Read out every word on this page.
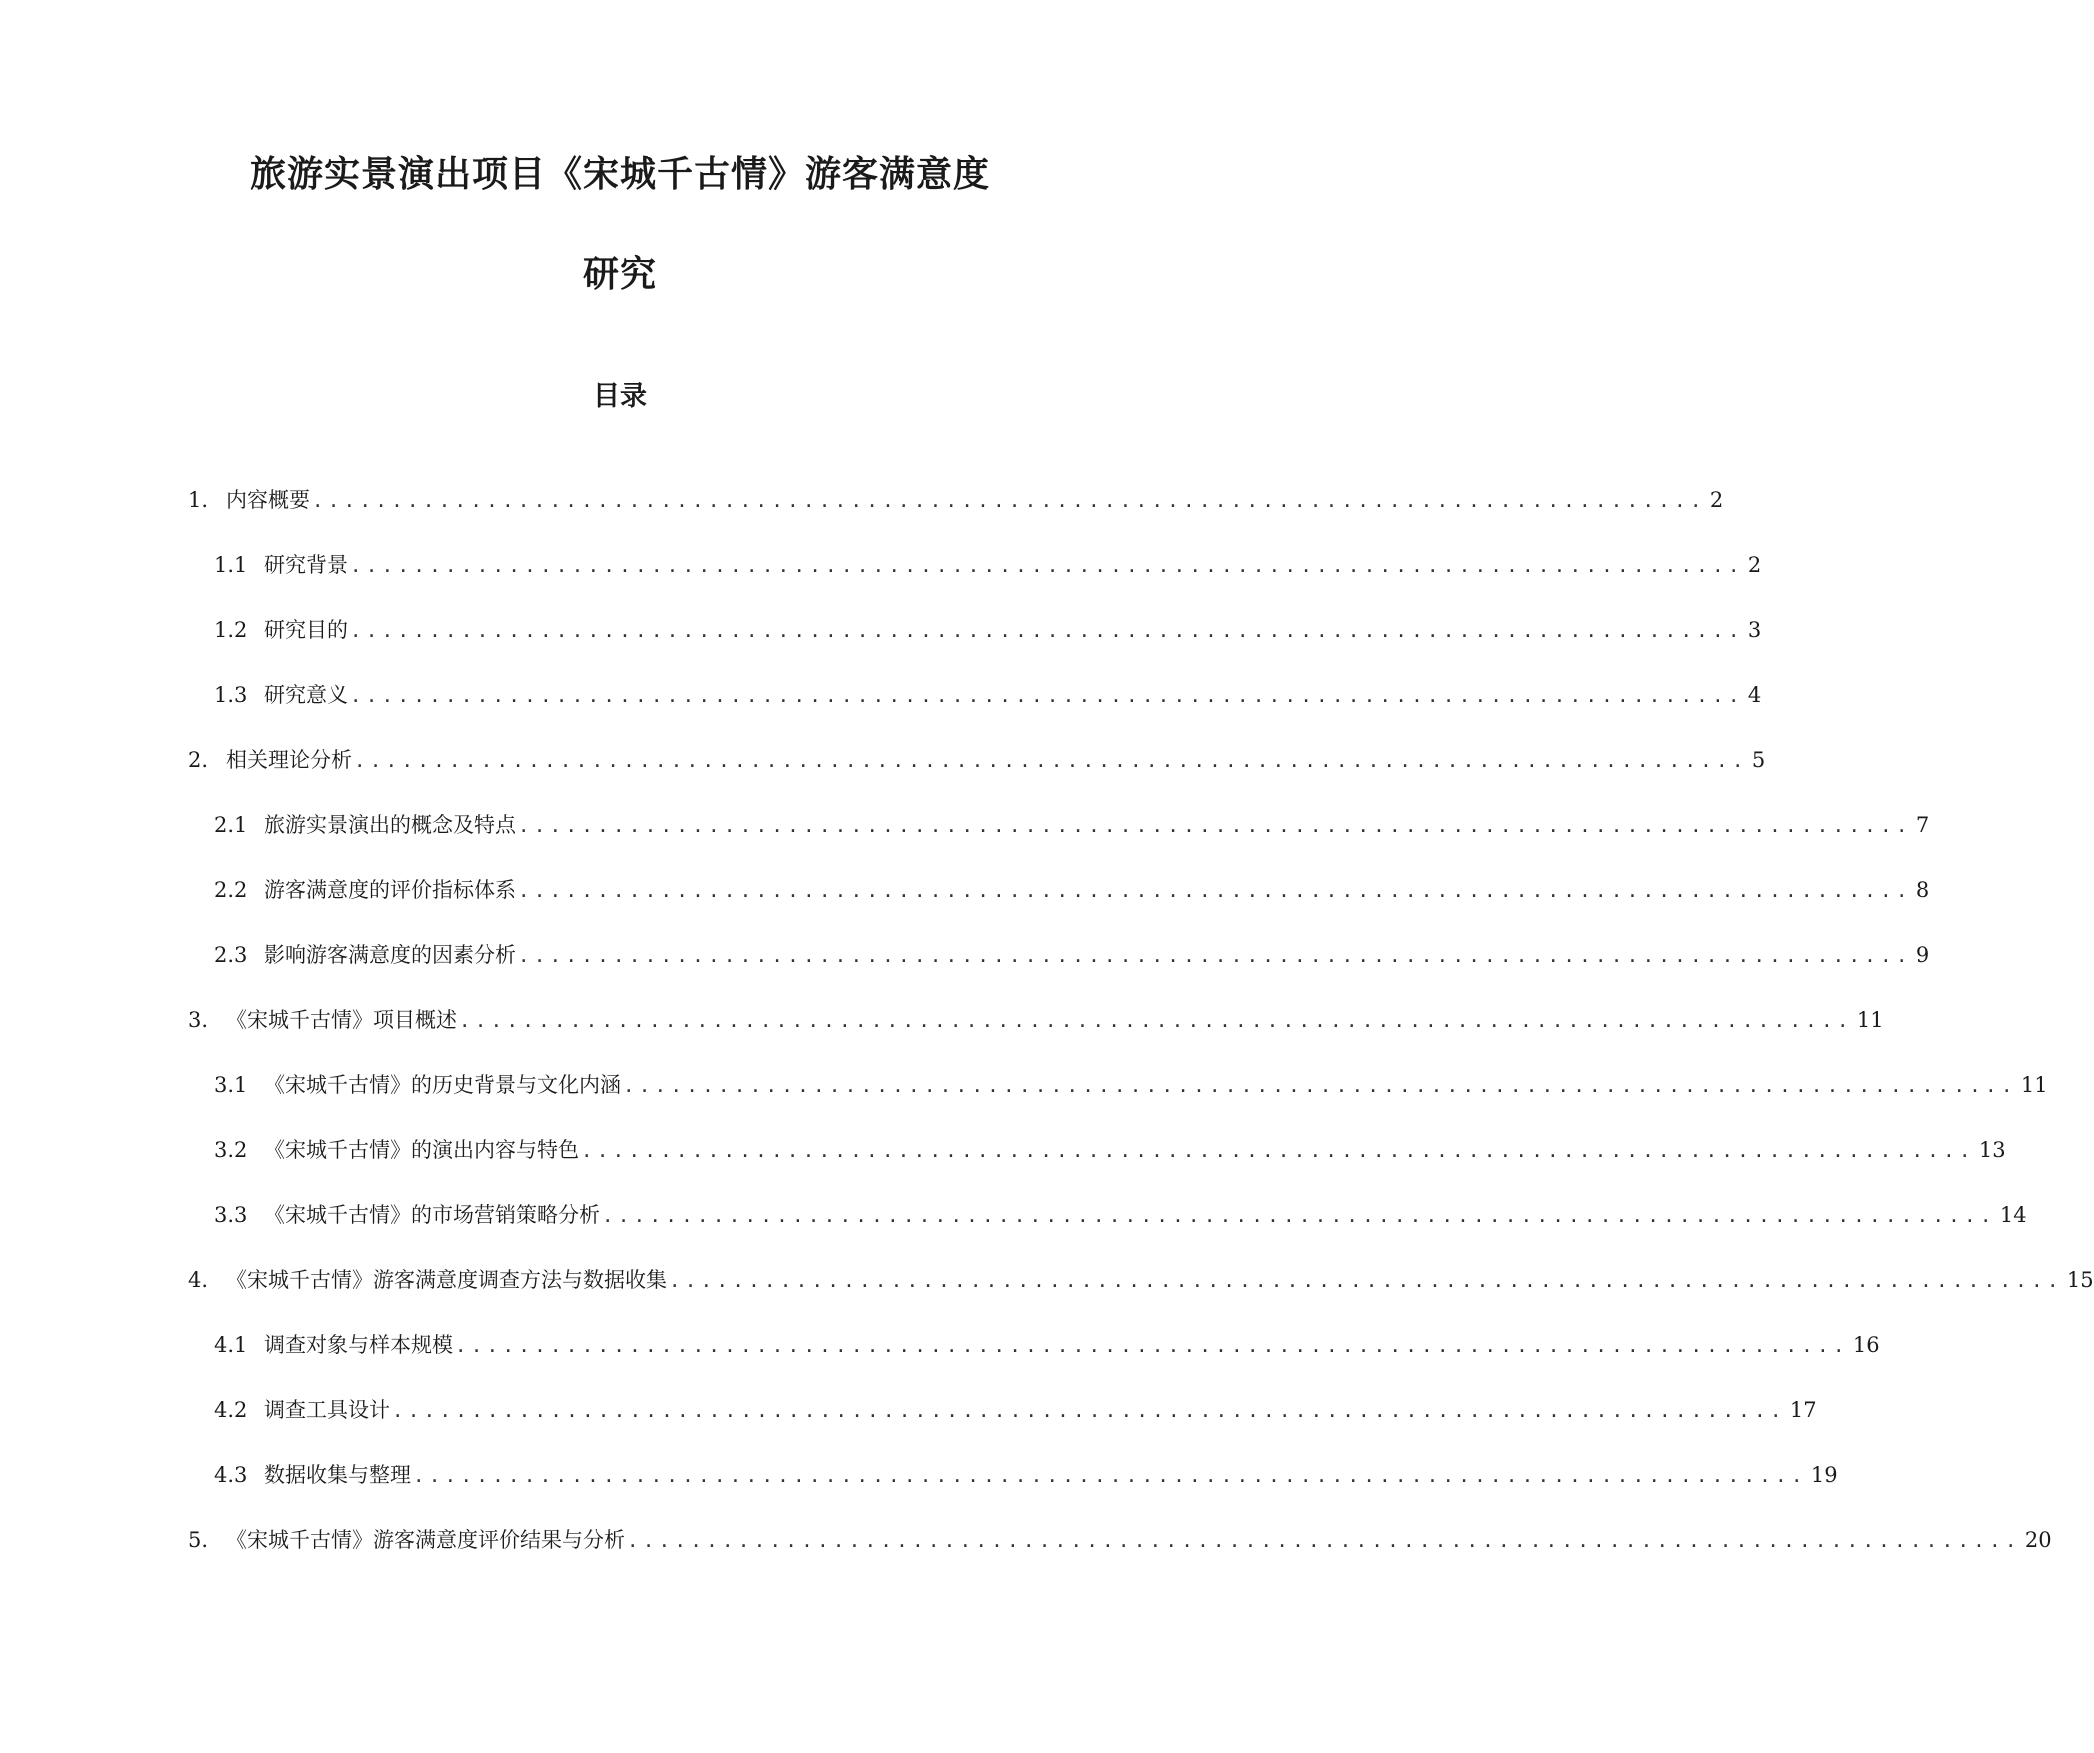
旅游实景演出项目《宋城千古情》游客满意度
研究
目录
1. 内容概要 ........................................................................................ 2
1.1 研究背景 ........................................................................................ 2
1.2 研究目的 ........................................................................................ 3
1.3 研究意义 ........................................................................................ 4
2. 相关理论分析 ........................................................................................ 5
2.1 旅游实景演出的概念及特点 ........................................................................................ 7
2.2 游客满意度的评价指标体系 ........................................................................................ 8
2.3 影响游客满意度的因素分析 ........................................................................................ 9
3. 《宋城千古情》项目概述 ........................................................................................ 11
3.1 《宋城千古情》的历史背景与文化内涵 ........................................................................................ 11
3.2 《宋城千古情》的演出内容与特色 ........................................................................................ 13
3.3 《宋城千古情》的市场营销策略分析 ........................................................................................ 14
4. 《宋城千古情》游客满意度调查方法与数据收集 ........................................................................................ 15
4.1 调查对象与样本规模 ........................................................................................ 16
4.2 调查工具设计 ........................................................................................ 17
4.3 数据收集与整理 ........................................................................................ 19
5. 《宋城千古情》游客满意度评价结果与分析 ........................................................................................ 20
